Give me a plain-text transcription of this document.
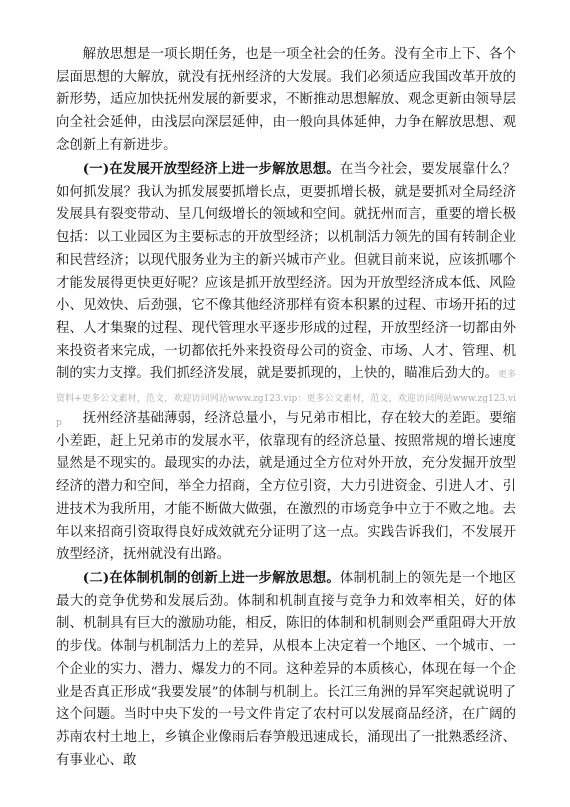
解放思想是一项长期任务，也是一项全社会的任务。没有全市上下、各个层面思想的大解放，就没有抚州经济的大发展。我们必须适应我国改革开放的新形势，适应加快抚州发展的新要求，不断推动思想解放、观念更新由领导层向全社会延伸，由浅层向深层延伸，由一般向具体延伸，力争在解放思想、观念创新上有新进步。

(一)在发展开放型经济上进一步解放思想。在当今社会，要发展靠什么？如何抓发展？我认为抓发展要抓增长点，更要抓增长极，就是要抓对全局经济发展具有裂变带动、呈几何级增长的领域和空间。就抚州而言，重要的增长极包括：以工业园区为主要标志的开放型经济；以机制活力领先的国有转制企业和民营经济；以现代服务业为主的新兴城市产业。但就目前来说，应该抓哪个才能发展得更快更好呢？应该是抓开放型经济。因为开放型经济成本低、风险小、见效快、后劲强，它不像其他经济那样有资本积累的过程、市场开拓的过程、人才集聚的过程、现代管理水平逐步形成的过程，开放型经济一切都由外来投资者来完成，一切都依托外来投资母公司的资金、市场、人才、管理、机制的实力支撑。我们抓经济发展，就是要抓现的，上快的，瞄准后劲大的。更多资料+更多公文素材，范文，欢迎访问网站www.zg123.vip：更多公文素材，范文，欢迎访问网站www.zg123.vip	抚州经济基础薄弱，经济总量小，与兄弟市相比，存在较大的差距。要缩小差距，赶上兄弟市的发展水平，依靠现有的经济总量、按照常规的增长速度显然是不现实的。最现实的办法，就是通过全方位对外开放，充分发掘开放型经济的潜力和空间，举全力招商，全方位引资，大力引进资金、引进人才、引进技术为我所用，才能不断做大做强，在激烈的市场竞争中立于不败之地。去年以来招商引资取得良好成效就充分证明了这一点。实践告诉我们，不发展开放型经济，抚州就没有出路。

(二)在体制机制的创新上进一步解放思想。体制机制上的领先是一个地区最大的竞争优势和发展后劲。体制和机制直接与竞争力和效率相关，好的体制、机制具有巨大的激励功能，相反，陈旧的体制和机制则会严重阻碍大开放的步伐。体制与机制活力上的差异，从根本上决定着一个地区、一个城市、一个企业的实力、潜力、爆发力的不同。这种差异的本质核心，体现在每一个企业是否真正形成“我要发展”的体制与机制上。长江三角洲的异军突起就说明了这个问题。当时中央下发的一号文件肯定了农村可以发展商品经济，在广阔的苏南农村土地上，乡镇企业像雨后春笋般迅速成长，涌现出了一批熟悉经济、有事业心、敢
